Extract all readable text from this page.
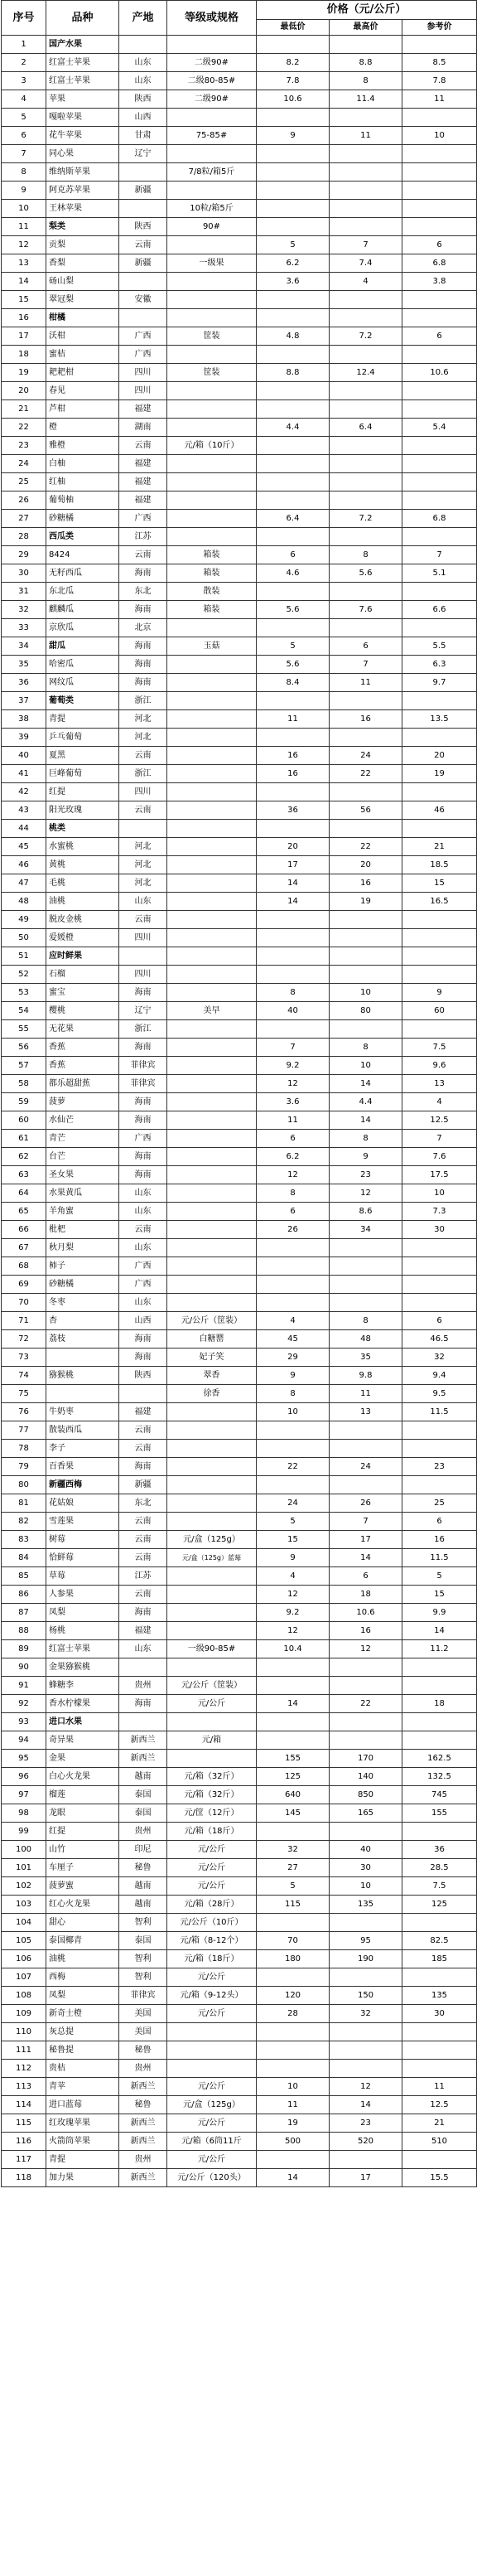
序号	品种	产地	等级或规格	价格（元/公斤）		
				最低价	最高价	参考价
1	国产水果					
2	红富士苹果	山东	二级90#	8.2	8.8	8.5
3	红富士苹果	山东	二级80-85#	7.8	8	7.8
4	苹果	陕西	二级90#	10.6	11.4	11
5	嘎啦苹果	山西				
6	花牛苹果	甘肃	75-85#	9	11	10
7	同心果	辽宁				
8	维纳斯苹果		7/8粒/箱5斤			
9	阿克苏苹果	新疆				
10	王林苹果		10粒/箱5斤			
11	梨类	陕西	90#			
12	贡梨	云南		5	7	6
13	香梨	新疆	一级果	6.2	7.4	6.8
14	砀山梨			3.6	4	3.8
15	翠冠梨	安徽				
16	柑橘					
17	沃柑	广西	筐装	4.8	7.2	6
18	蜜桔	广西				
19	耙耙柑	四川	筐装	8.8	12.4	10.6
20	春见	四川				
21	芦柑	福建				
22	橙	湖南		4.4	6.4	5.4
23	雅橙	云南	元/箱（10斤）			
24	白柚	福建				
25	红柚	福建				
26	葡萄柚	福建				
27	砂糖橘	广西		6.4	7.2	6.8
28	西瓜类	江苏				
29	8424	云南	箱装	6	8	7
30	无籽西瓜	海南	箱装	4.6	5.6	5.1
31	东北瓜	东北	散装			
32	麒麟瓜	海南	箱装	5.6	7.6	6.6
33	京欣瓜	北京				
34	甜瓜	海南	玉菇	5	6	5.5
35	哈密瓜	海南		5.6	7	6.3
36	网纹瓜	海南		8.4	11	9.7
37	葡萄类	浙江				
38	青提	河北		11	16	13.5
39	乒乓葡萄	河北				
40	夏黑	云南		16	24	20
41	巨峰葡萄	浙江		16	22	19
42	红提	四川				
43	阳光玫瑰	云南		36	56	46
44	桃类					
45	水蜜桃	河北		20	22	21
46	黄桃	河北		17	20	18.5
47	毛桃	河北		14	16	15
48	油桃	山东		14	19	16.5
49	脱皮金桃	云南				
50	爱媛橙	四川				
51	应时鲜果					
52	石榴	四川				
53	蜜宝	海南		8	10	9
54	樱桃	辽宁	美早	40	80	60
55	无花果	浙江				
56	香蕉	海南		7	8	7.5
57	香蕉	菲律宾		9.2	10	9.6
58	都乐超甜蕉	菲律宾		12	14	13
59	菠萝	海南		3.6	4.4	4
60	水仙芒	海南		11	14	12.5
61	青芒	广西		6	8	7
62	台芒	海南		6.2	9	7.6
63	圣女果	海南		12	23	17.5
64	水果黄瓜	山东		8	12	10
65	羊角蜜	山东		6	8.6	7.3
66	枇杷	云南		26	34	30
67	秋月梨	山东				
68	柿子	广西				
69	砂糖橘	广西				
70	冬枣	山东				
71	杏	山西	元/公斤（筐装）	4	8	6
72	荔枝	海南	白糖罂	45	48	46.5
73		海南	妃子笑	29	35	32
74	猕猴桃	陕西	翠香	9	9.8	9.4
75			徐香	8	11	9.5
76	牛奶枣	福建		10	13	11.5
77	散装西瓜	云南				
78	李子	云南				
79	百香果	海南		22	24	23
80	新疆西梅	新疆				
81	花姑娘	东北		24	26	25
82	雪莲果	云南		5	7	6
83	树莓	云南	元/盒（125g）	15	17	16
84	恰鲜莓	云南	元/盒（125g）蓝莓	9	14	11.5
85	草莓	江苏		4	6	5
86	人参果	云南		12	18	15
87	凤梨	海南		9.2	10.6	9.9
88	杨桃	福建		12	16	14
89	红富士苹果	山东	一级90-85#	10.4	12	11.2
90	金果猕猴桃					
91	蜂糖李	贵州	元/公斤（筐装）			
92	香水柠檬果	海南	元/公斤	14	22	18
93	进口水果					
94	奇异果	新西兰	元/箱			
95	金果	新西兰		155	170	162.5
96	白心火龙果	越南	元/箱（32斤）	125	140	132.5
97	榴莲	泰国	元/箱（32斤）	640	850	745
98	龙眼	泰国	元/筐（12斤）	145	165	155
99	红提	贵州	元/箱（18斤）			
100	山竹	印尼	元/公斤	32	40	36
101	车厘子	秘鲁	元/公斤	27	30	28.5
102	菠萝蜜	越南	元/公斤	5	10	7.5
103	红心火龙果	越南	元/箱（28斤）	115	135	125
104	甜心	智利	元/公斤（10斤）			
105	泰国椰青	泰国	元/箱（8-12个）	70	95	82.5
106	油桃	智利	元/箱（18斤）	180	190	185
107	西梅	智利	元/公斤			
108	凤梨	菲律宾	元/箱（9-12头）	120	150	135
109	新奇士橙	美国	元/公斤	28	32	30
110	灰总提	美国				
111	秘鲁提	秘鲁				
112	贵桔	贵州				
113	青苹	新西兰	元/公斤	10	12	11
114	进口蓝莓	秘鲁	元/盒（125g）	11	14	12.5
115	红玫瑰苹果	新西兰	元/公斤	19	23	21
116	火箭筒苹果	新西兰	元/箱（6筒11斤	500	520	510
117	青提	贵州	元/公斤			
118	加力果	新西兰	元/公斤（120头）	14	17	15.5
